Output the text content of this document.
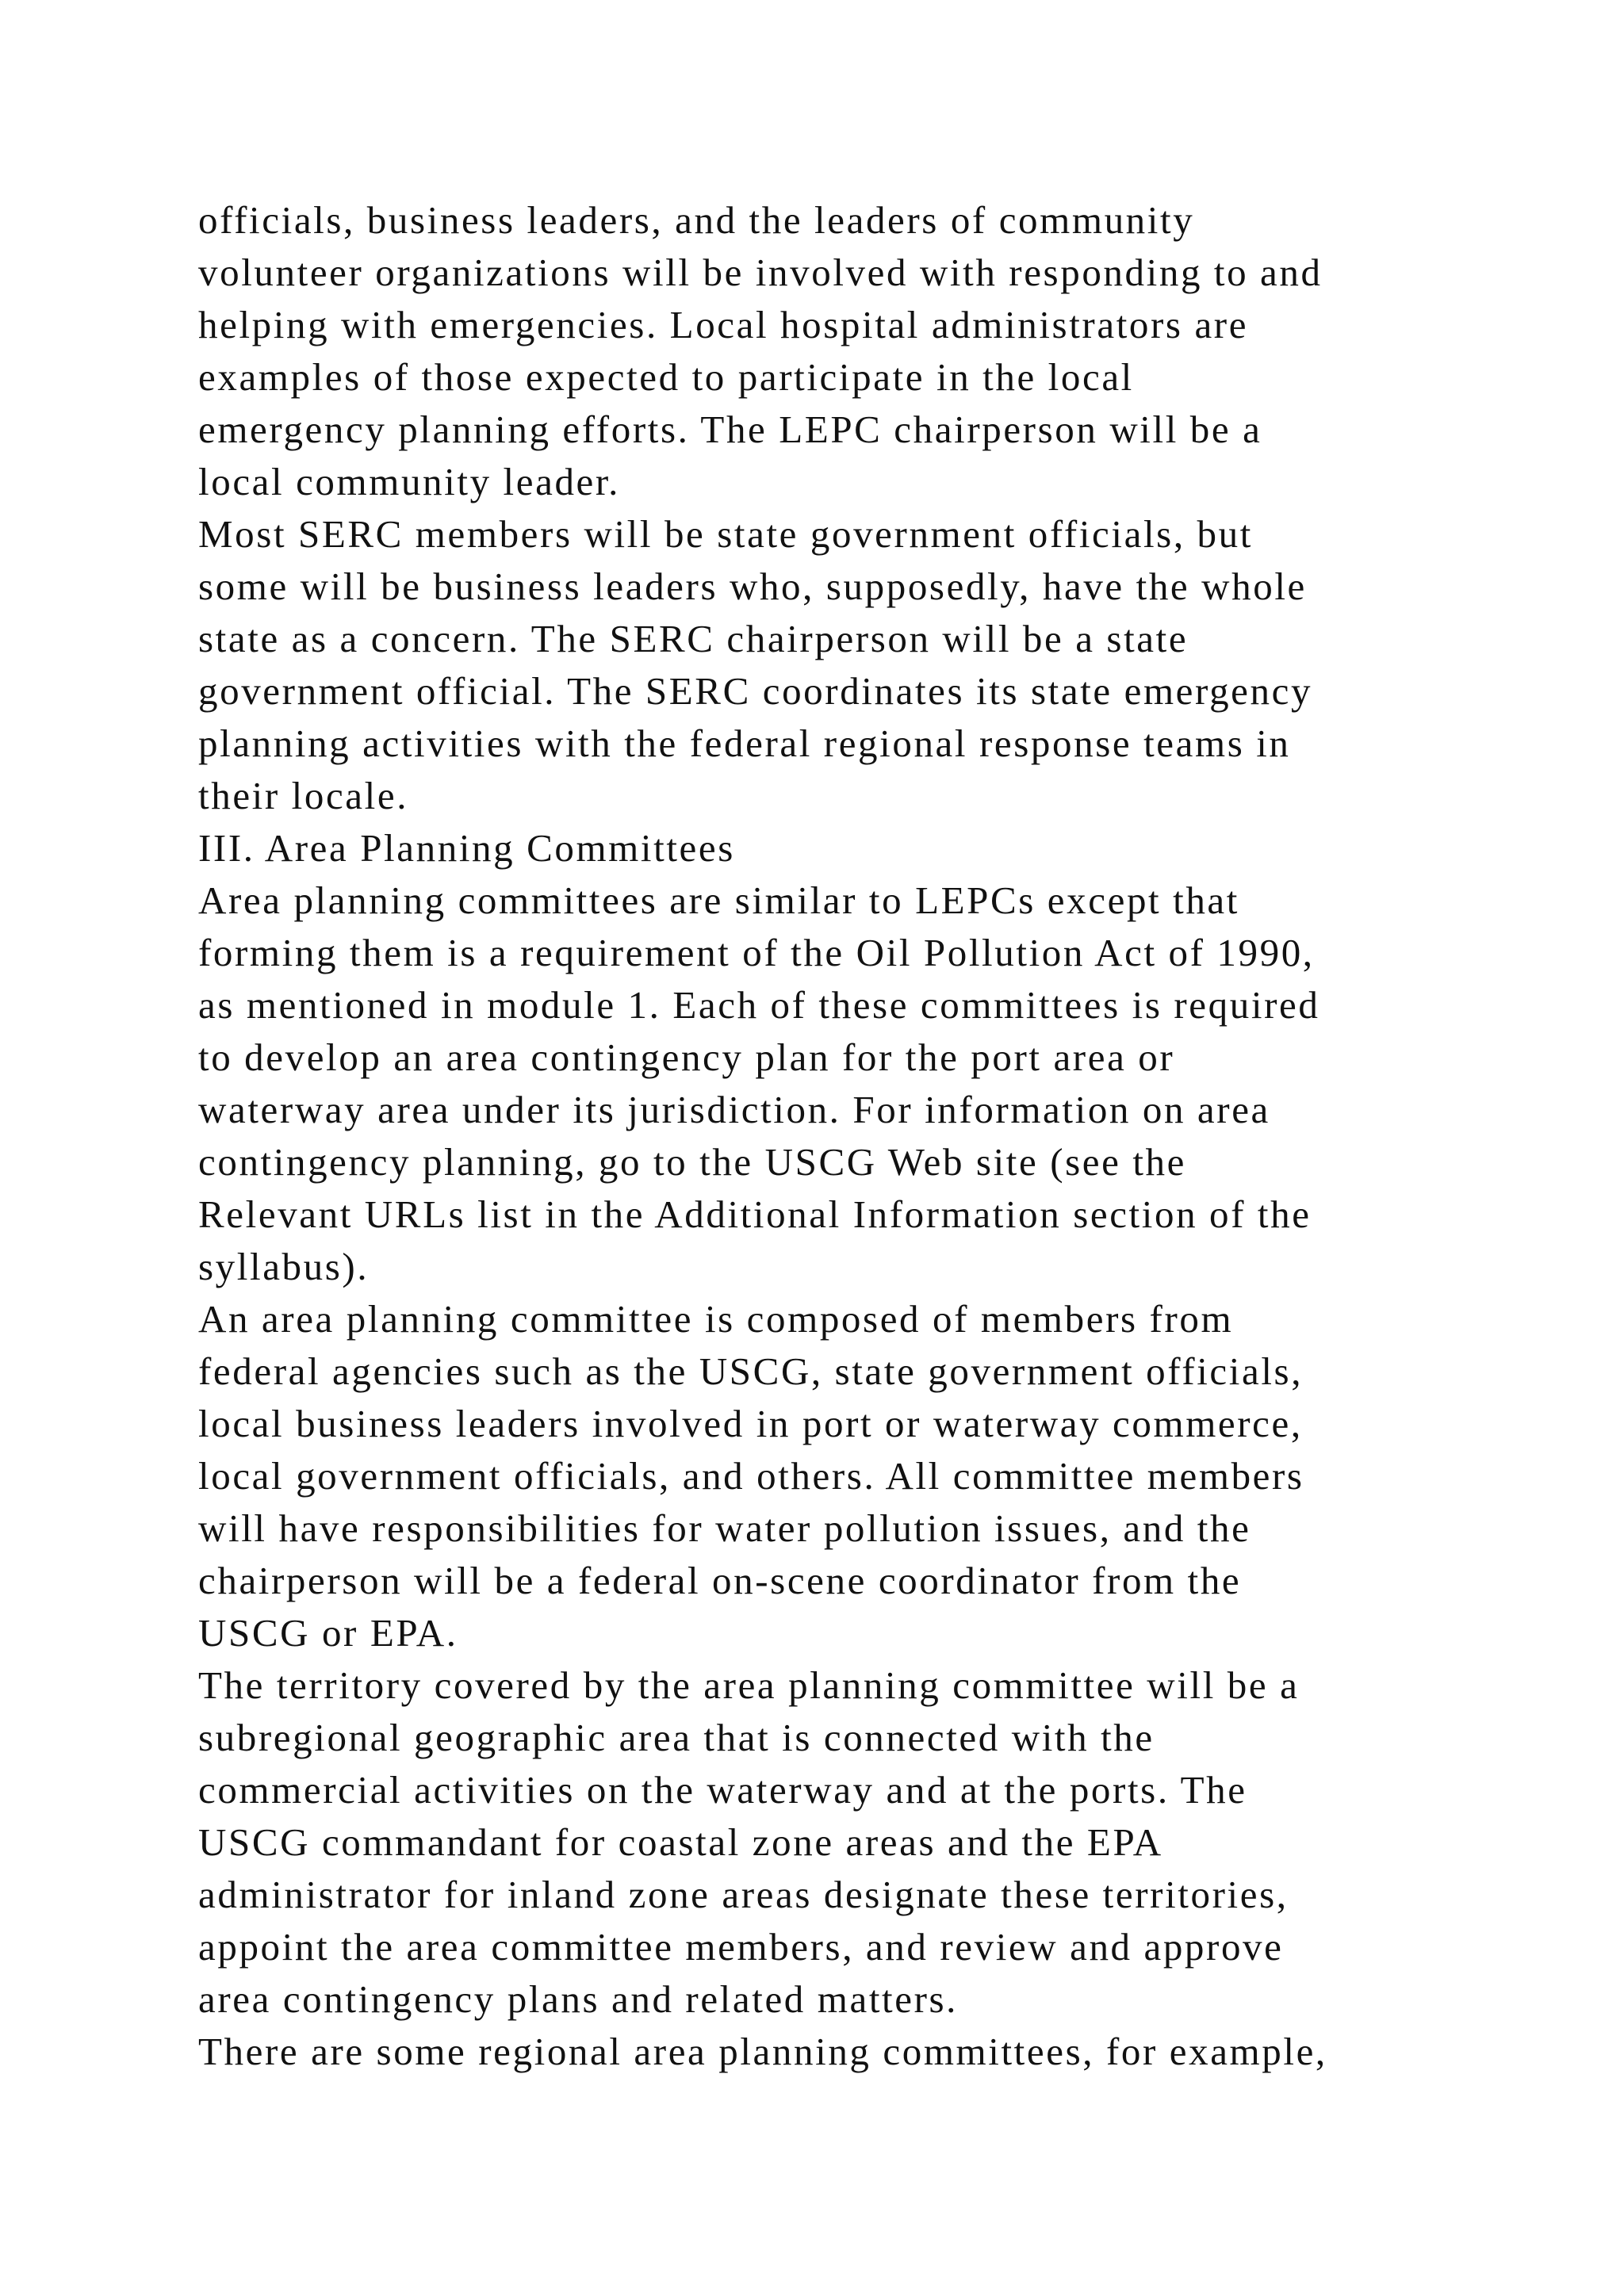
officials, business leaders, and the leaders of community
volunteer organizations will be involved with responding to and
helping with emergencies. Local hospital administrators are
examples of those expected to participate in the local
emergency planning efforts. The LEPC chairperson will be a
local community leader.
Most SERC members will be state government officials, but
some will be business leaders who, supposedly, have the whole
state as a concern. The SERC chairperson will be a state
government official. The SERC coordinates its state emergency
planning activities with the federal regional response teams in
their locale.
III. Area Planning Committees
Area planning committees are similar to LEPCs except that
forming them is a requirement of the Oil Pollution Act of 1990,
as mentioned in module 1. Each of these committees is required
to develop an area contingency plan for the port area or
waterway area under its jurisdiction. For information on area
contingency planning, go to the USCG Web site (see the
Relevant URLs list in the Additional Information section of the
syllabus).
An area planning committee is composed of members from
federal agencies such as the USCG, state government officials,
local business leaders involved in port or waterway commerce,
local government officials, and others. All committee members
will have responsibilities for water pollution issues, and the
chairperson will be a federal on-scene coordinator from the
USCG or EPA.
The territory covered by the area planning committee will be a
subregional geographic area that is connected with the
commercial activities on the waterway and at the ports. The
USCG commandant for coastal zone areas and the EPA
administrator for inland zone areas designate these territories,
appoint the area committee members, and review and approve
area contingency plans and related matters.
There are some regional area planning committees, for example,
